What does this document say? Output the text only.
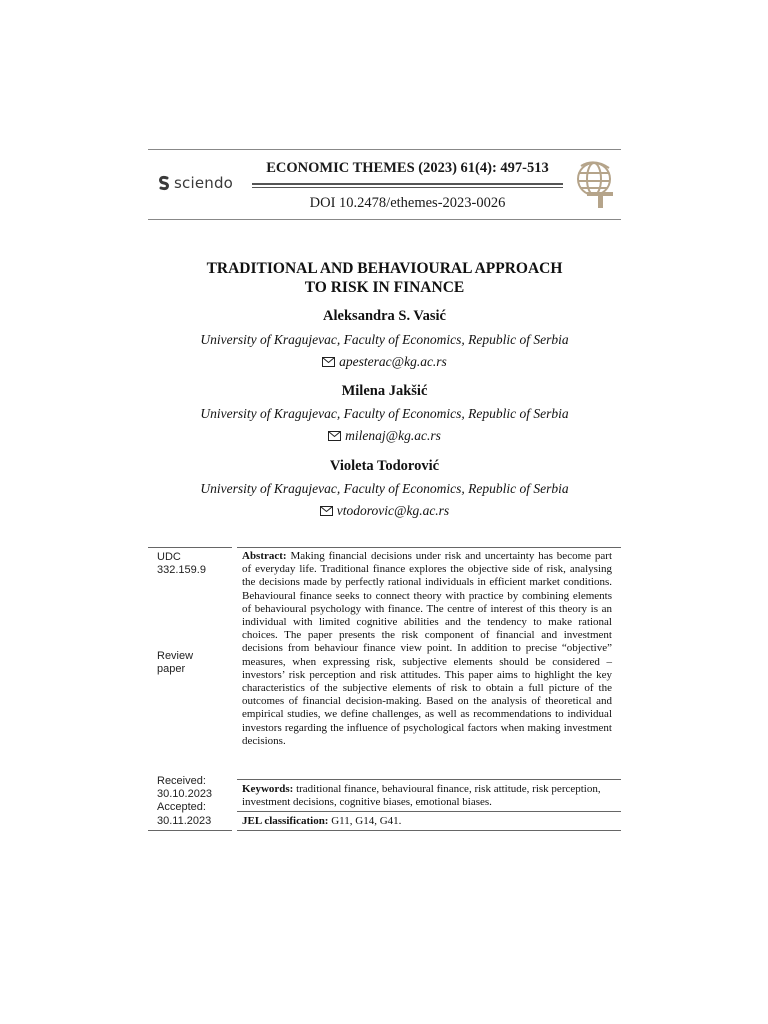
sciendo
ECONOMIC THEMES (2023) 61(4): 497-513
DOI 10.2478/ethemes-2023-0026
TRADITIONAL AND BEHAVIOURAL APPROACH
TO RISK IN FINANCE
Aleksandra S. Vasić
University of Kragujevac, Faculty of Economics, Republic of Serbia
apesterac@kg.ac.rs
Milena Jakšić
University of Kragujevac, Faculty of Economics, Republic of Serbia
milenaj@kg.ac.rs
Violeta Todorović
University of Kragujevac, Faculty of Economics, Republic of Serbia
vtodorovic@kg.ac.rs
UDC
332.159.9
Review
paper
Received:
30.10.2023
Accepted:
30.11.2023
Abstract: Making financial decisions under risk and uncertainty has become part of everyday life. Traditional finance explores the objective side of risk, analysing the decisions made by perfectly rational individuals in efficient market conditions. Behavioural finance seeks to connect theory with practice by combining elements of behavioural psychology with finance. The centre of interest of this theory is an individual with limited cognitive abilities and the tendency to make rational choices. The paper presents the risk component of financial and investment decisions from behaviour finance view point. In addition to precise “objective” measures, when expressing risk, subjective elements should be considered – investors’ risk perception and risk attitudes. This paper aims to highlight the key characteristics of the subjective elements of risk to obtain a full picture of the outcomes of financial decision-making. Based on the analysis of theoretical and empirical studies, we define challenges, as well as recommendations to individual investors regarding the influence of psychological factors when making investment decisions.
Keywords: traditional finance, behavioural finance, risk attitude, risk perception, investment decisions, cognitive biases, emotional biases.
JEL classification: G11, G14, G41.
